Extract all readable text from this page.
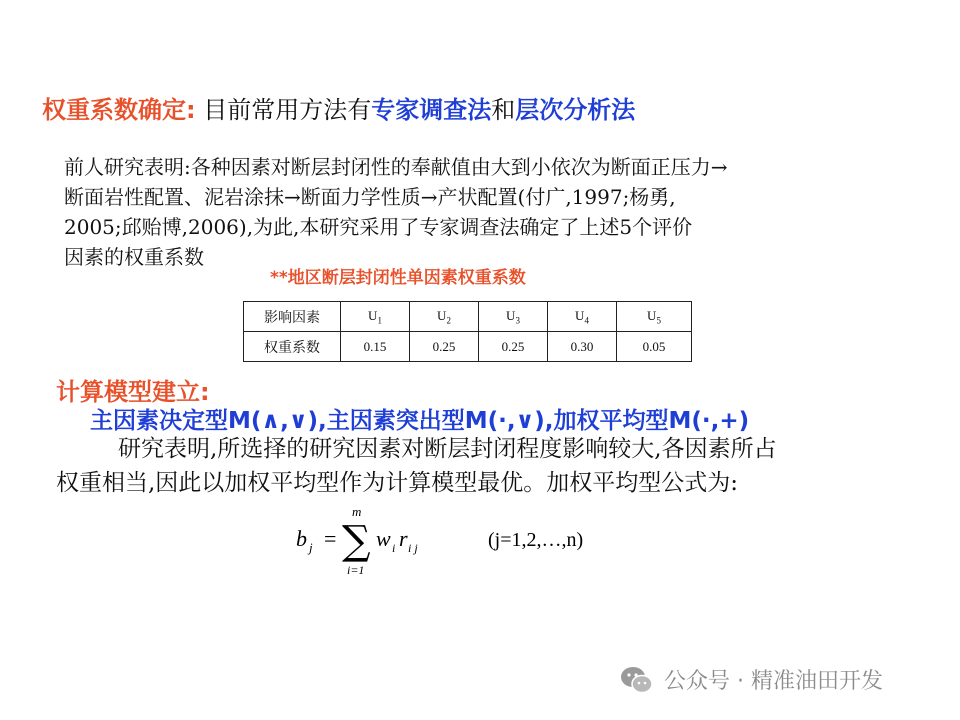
权重系数确定: 目前常用方法有专家调查法和层次分析法
前人研究表明:各种因素对断层封闭性的奉献值由大到小依次为断面正压力→
断面岩性配置、泥岩涂抹→断面力学性质→产状配置(付广,1997;杨勇,
2005;邱贻博,2006),为此,本研究采用了专家调查法确定了上述5个评价
因素的权重系数
**地区断层封闭性单因素权重系数
影响因素	$U_1$	$U_2$	$U_3$	$U_4$	$U_5$
权重系数	0.15	0.25	0.25	0.30	0.05
计算模型建立:
主因素决定型M(∧,∨),主因素突出型M(·,∨),加权平均型M(·,+)
研究表明,所选择的研究因素对断层封闭程度影响较大,各因素所占
权重相当,因此以加权平均型作为计算模型最优。加权平均型公式为:
b j =
m
∑
i=1
w i r i j	(j=1,2,…,n)
公众号 · 精准油田开发
